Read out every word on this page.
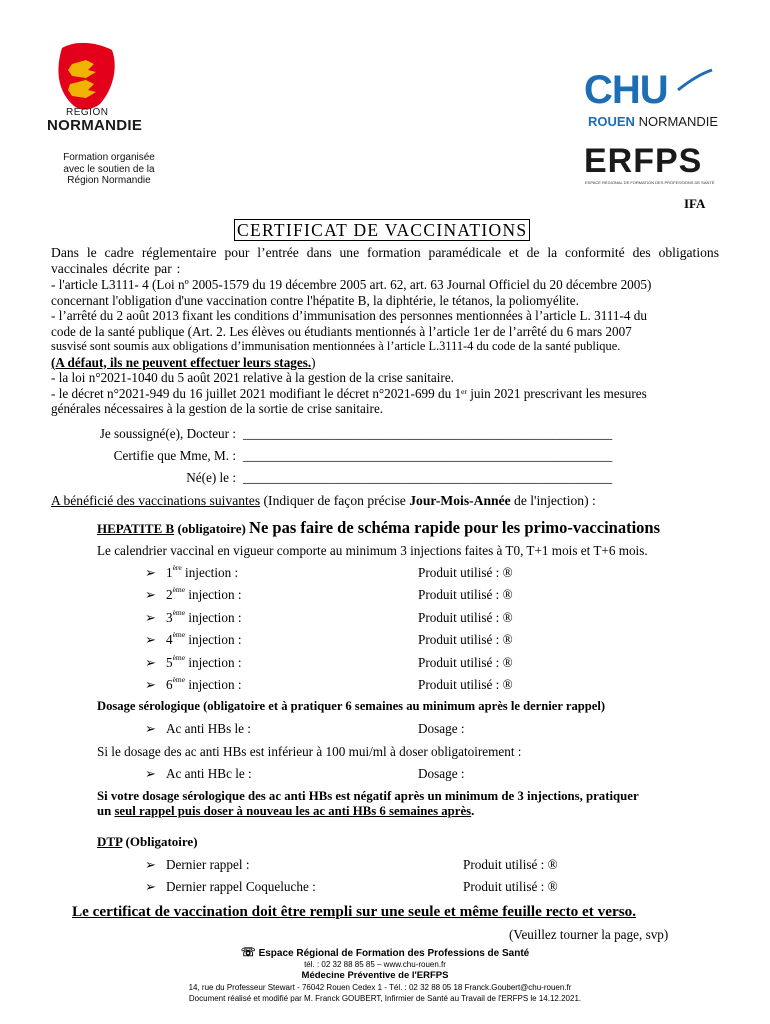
RÉGION
NORMANDIE
Formation organisée
avec le soutien de la
Région Normandie
CHU
ROUEN NORMANDIE
ERFPS
ESPACE RÉGIONAL DE FORMATION DES PROFESSIONS DE SANTÉ
IFA
CERTIFICAT DE VACCINATIONS
Dans le cadre réglementaire pour l’entrée dans une formation paramédicale et de la conformité des obligations vaccinales décrite par :
- l'article L3111- 4 (Loi nº 2005-1579 du 19 décembre 2005 art. 62, art. 63 Journal Officiel du 20 décembre 2005)
concernant l'obligation d'une vaccination contre l'hépatite B, la diphtérie, le tétanos, la poliomyélite.
- l’arrêté du 2 août 2013 fixant les conditions d’immunisation des personnes mentionnées à l’article L. 3111-4 du
code de la santé publique (Art. 2. Les élèves ou étudiants mentionnés à l’article 1er de l’arrêté du 6 mars 2007
susvisé sont soumis aux obligations d’immunisation mentionnées à l’article L.3111-4 du code de la santé publique.
(A défaut, ils ne peuvent effectuer leurs stages.)
- la loi n°2021-1040 du 5 août 2021 relative à la gestion de la crise sanitaire.
- le décret n°2021-949 du 16 juillet 2021 modifiant le décret n°2021-699 du 1er juin 2021 prescrivant les mesures
générales nécessaires à la gestion de la sortie de crise sanitaire.
Je soussigné(e), Docteur : ________________________________________________________
Certifie que Mme, M. : ________________________________________________________
Né(e) le : ________________________________________________________
A bénéficié des vaccinations suivantes (Indiquer de façon précise Jour-Mois-Année de l'injection) :
HEPATITE B (obligatoire) Ne pas faire de schéma rapide pour les primo-vaccinations
Le calendrier vaccinal en vigueur comporte au minimum 3 injections faites à T0, T+1 mois et T+6 mois.
➢ 1ère injection :	Produit utilisé : ®
➢ 2ème injection :	Produit utilisé : ®
➢ 3ème injection :	Produit utilisé : ®
➢ 4ème injection :	Produit utilisé : ®
➢ 5ème injection :	Produit utilisé : ®
➢ 6ème injection :	Produit utilisé : ®
Dosage sérologique (obligatoire et à pratiquer 6 semaines au minimum après le dernier rappel)
➢ Ac anti HBs le :	Dosage :
Si le dosage des ac anti HBs est inférieur à 100 mui/ml à doser obligatoirement :
➢ Ac anti HBc le :	Dosage :
Si votre dosage sérologique des ac anti HBs est négatif après un minimum de 3 injections, pratiquer
un seul rappel puis doser à nouveau les ac anti HBs 6 semaines après.
DTP (Obligatoire)
➢ Dernier rappel :	Produit utilisé : ®
➢ Dernier rappel Coqueluche :	Produit utilisé : ®
Le certificat de vaccination doit être rempli sur une seule et même feuille recto et verso.
(Veuillez tourner la page, svp)
☏ Espace Régional de Formation des Professions de Santé
tél. : 02 32 88 85 85 – www.chu-rouen.fr
Médecine Préventive de l'ERFPS
14, rue du Professeur Stewart - 76042 Rouen Cedex 1 - Tél. : 02 32 88 05 18 Franck.Goubert@chu-rouen.fr
Document réalisé et modifié par M. Franck GOUBERT, Infirmier de Santé au Travail de l'ERFPS le 14.12.2021.
